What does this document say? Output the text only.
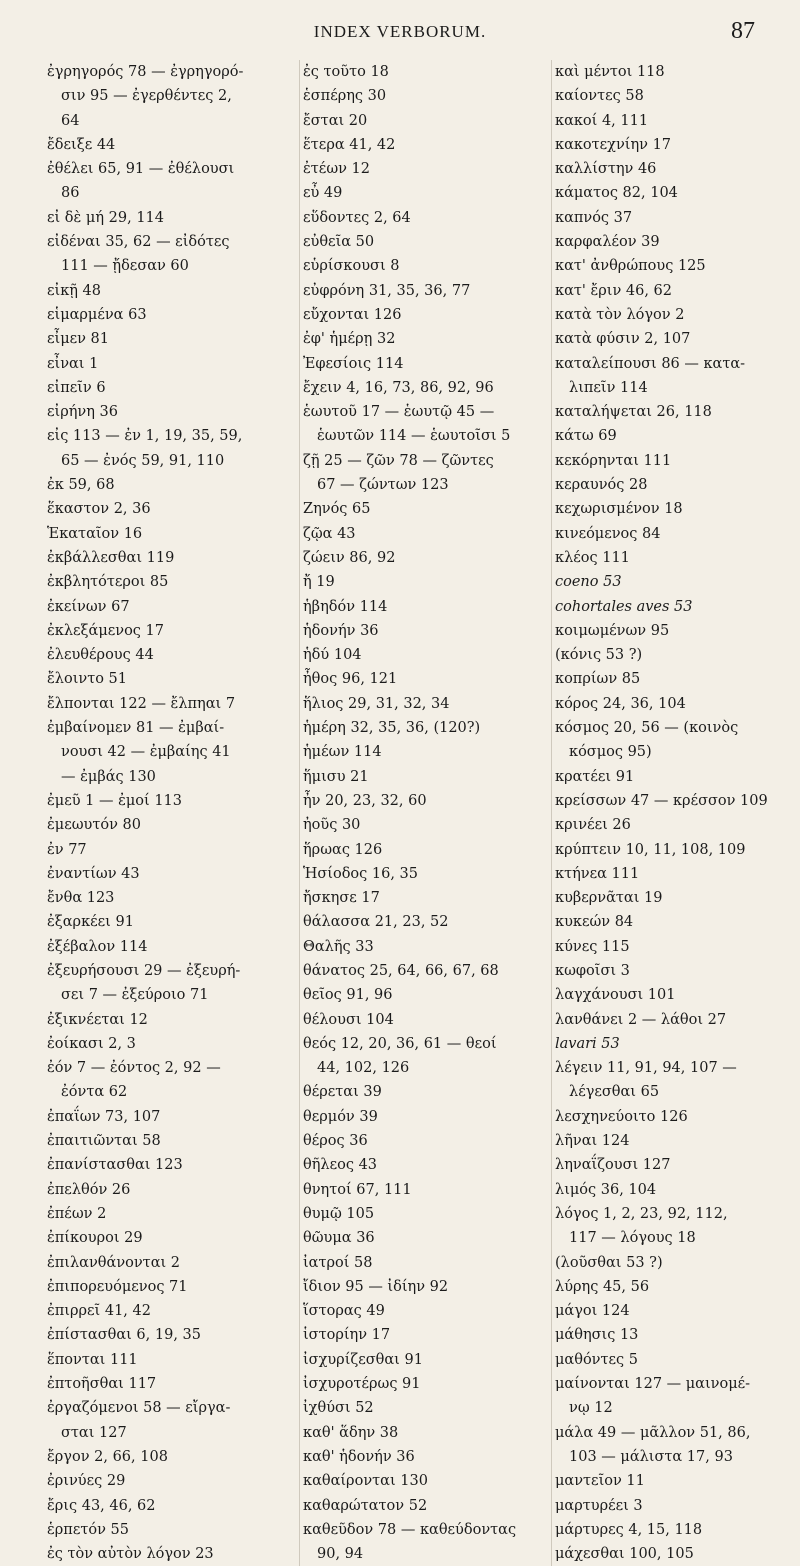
INDEX VERBORUM.	87
ἐγρηγορός 78 — ἐγρηγορό-
σιν 95 — ἐγερθέντες 2,
64
ἔδειξε 44
ἐθέλει 65, 91 — ἐθέλουσι
86
εἰ δὲ μή 29, 114
εἰδέναι 35, 62 — εἰδότες
111 — ᾔδεσαν 60
εἰκῇ 48
εἱμαρμένα 63
εἶμεν 81
εἶναι 1
εἰπεῖν 6
εἰρήνη 36
εἰς 113 — ἐν 1, 19, 35, 59,
65 — ἐνός 59, 91, 110
ἐκ 59, 68
ἕκαστον 2, 36
Ἑκαταῖον 16
ἐκβάλλεσθαι 119
ἐκβλητότεροι 85
ἐκείνων 67
ἐκλεξάμενος 17
ἐλευθέρους 44
ἔλοιντο 51
ἔλπονται 122 — ἔλπηαι 7
ἐμβαίνομεν 81 — ἐμβαί-
νουσι 42 — ἐμβαίης 41
— ἐμβάς 130
ἐμεῦ 1 — ἐμοί 113
ἐμεωυτόν 80
ἐν 77
ἐναντίων 43
ἔνθα 123
ἐξαρκέει 91
ἐξέβαλον 114
ἐξευρήσουσι 29 — ἐξευρή-
σει 7 — ἐξεύροιο 71
ἐξικνέεται 12
ἐοίκασι 2, 3
ἐόν 7 — ἐόντος 2, 92 —
ἐόντα 62
ἐπαΐων 73, 107
ἐπαιτιῶνται 58
ἐπανίστασθαι 123
ἐπελθόν 26
ἐπέων 2
ἐπίκουροι 29
ἐπιλανθάνονται 2
ἐπιπορευόμενος 71
ἐπιρρεῖ 41, 42
ἐπίστασθαι 6, 19, 35
ἕπονται 111
ἐπτοῆσθαι 117
ἐργαζόμενοι 58 — εἴργα-
σται 127
ἔργον 2, 66, 108
ἐρινύες 29
ἔρις 43, 46, 62
ἑρπετόν 55
ἐς τὸν αὐτὸν λόγον 23
ἐς τοῦτο 18
ἑσπέρης 30
ἔσται 20
ἕτερα 41, 42
ἐτέων 12
εὖ 49
εὕδοντες 2, 64
εὐθεῖα 50
εὑρίσκουσι 8
εὐφρόνη 31, 35, 36, 77
εὔχονται 126
ἐφ' ἡμέρῃ 32
Ἐφεσίοις 114
ἔχειν 4, 16, 73, 86, 92, 96
ἑωυτοῦ 17 — ἑωυτῷ 45 —
ἑωυτῶν 114 — ἑωυτοῖσι 5
ζῇ 25 — ζῶν 78 — ζῶντες
67 — ζώντων 123
Ζηνός 65
ζῷα 43
ζώειν 86, 92
ἤ 19
ἡβηδόν 114
ἡδονήν 36
ἡδύ 104
ἦθος 96, 121
ἥλιος 29, 31, 32, 34
ἡμέρη 32, 35, 36, (120?)
ἡμέων 114
ἥμισυ 21
ἦν 20, 23, 32, 60
ἠοῦς 30
ἥρωας 126
Ἡσίοδος 16, 35
ἤσκησε 17
θάλασσα 21, 23, 52
Θαλῆς 33
θάνατος 25, 64, 66, 67, 68
θεῖος 91, 96
θέλουσι 104
θεός 12, 20, 36, 61 — θεοί
44, 102, 126
θέρεται 39
θερμόν 39
θέρος 36
θῆλεος 43
θνητοί 67, 111
θυμῷ 105
θῶυμα 36
ἰατροί 58
ἴδιον 95 — ἰδίην 92
ἵστορας 49
ἱστορίην 17
ἰσχυρίζεσθαι 91
ἰσχυροτέρως 91
ἰχθύσι 52
καθ' ἅδην 38
καθ' ἡδονήν 36
καθαίρονται 130
καθαρώτατον 52
καθεῦδον 78 — καθεύδοντας
90, 94
καὶ μέντοι 118
καίοντες 58
κακοί 4, 111
κακοτεχνίην 17
καλλίστην 46
κάματος 82, 104
καπνός 37
καρφαλέον 39
κατ' ἀνθρώπους 125
κατ' ἔριν 46, 62
κατὰ τὸν λόγον 2
κατὰ φύσιν 2, 107
καταλείπουσι 86 — κατα-
λιπεῖν 114
καταλήψεται 26, 118
κάτω 69
κεκόρηνται 111
κεραυνός 28
κεχωρισμένον 18
κινεόμενος 84
κλέος 111
coeno 53
cohortales aves 53
κοιμωμένων 95
(κόνις 53 ?)
κοπρίων 85
κόρος 24, 36, 104
κόσμος 20, 56 — (κοινὸς
κόσμος 95)
κρατέει 91
κρείσσων 47 — κρέσσον 109
κρινέει 26
κρύπτειν 10, 11, 108, 109
κτήνεα 111
κυβερνᾶται 19
κυκεών 84
κύνες 115
κωφοῖσι 3
λαγχάνουσι 101
λανθάνει 2 — λάθοι 27
lavari 53
λέγειν 11, 91, 94, 107 —
λέγεσθαι 65
λεσχηνεύοιτο 126
λῆναι 124
ληναΐζουσι 127
λιμός 36, 104
λόγος 1, 2, 23, 92, 112,
117 — λόγους 18
(λοῦσθαι 53 ?)
λύρης 45, 56
μάγοι 124
μάθησις 13
μαθόντες 5
μαίνονται 127 — μαινομέ-
νῳ 12
μάλα 49 — μᾶλλον 51, 86,
103 — μάλιστα 17, 93
μαντεῖον 11
μαρτυρέει 3
μάρτυρες 4, 15, 118
μάχεσθαι 100, 105
